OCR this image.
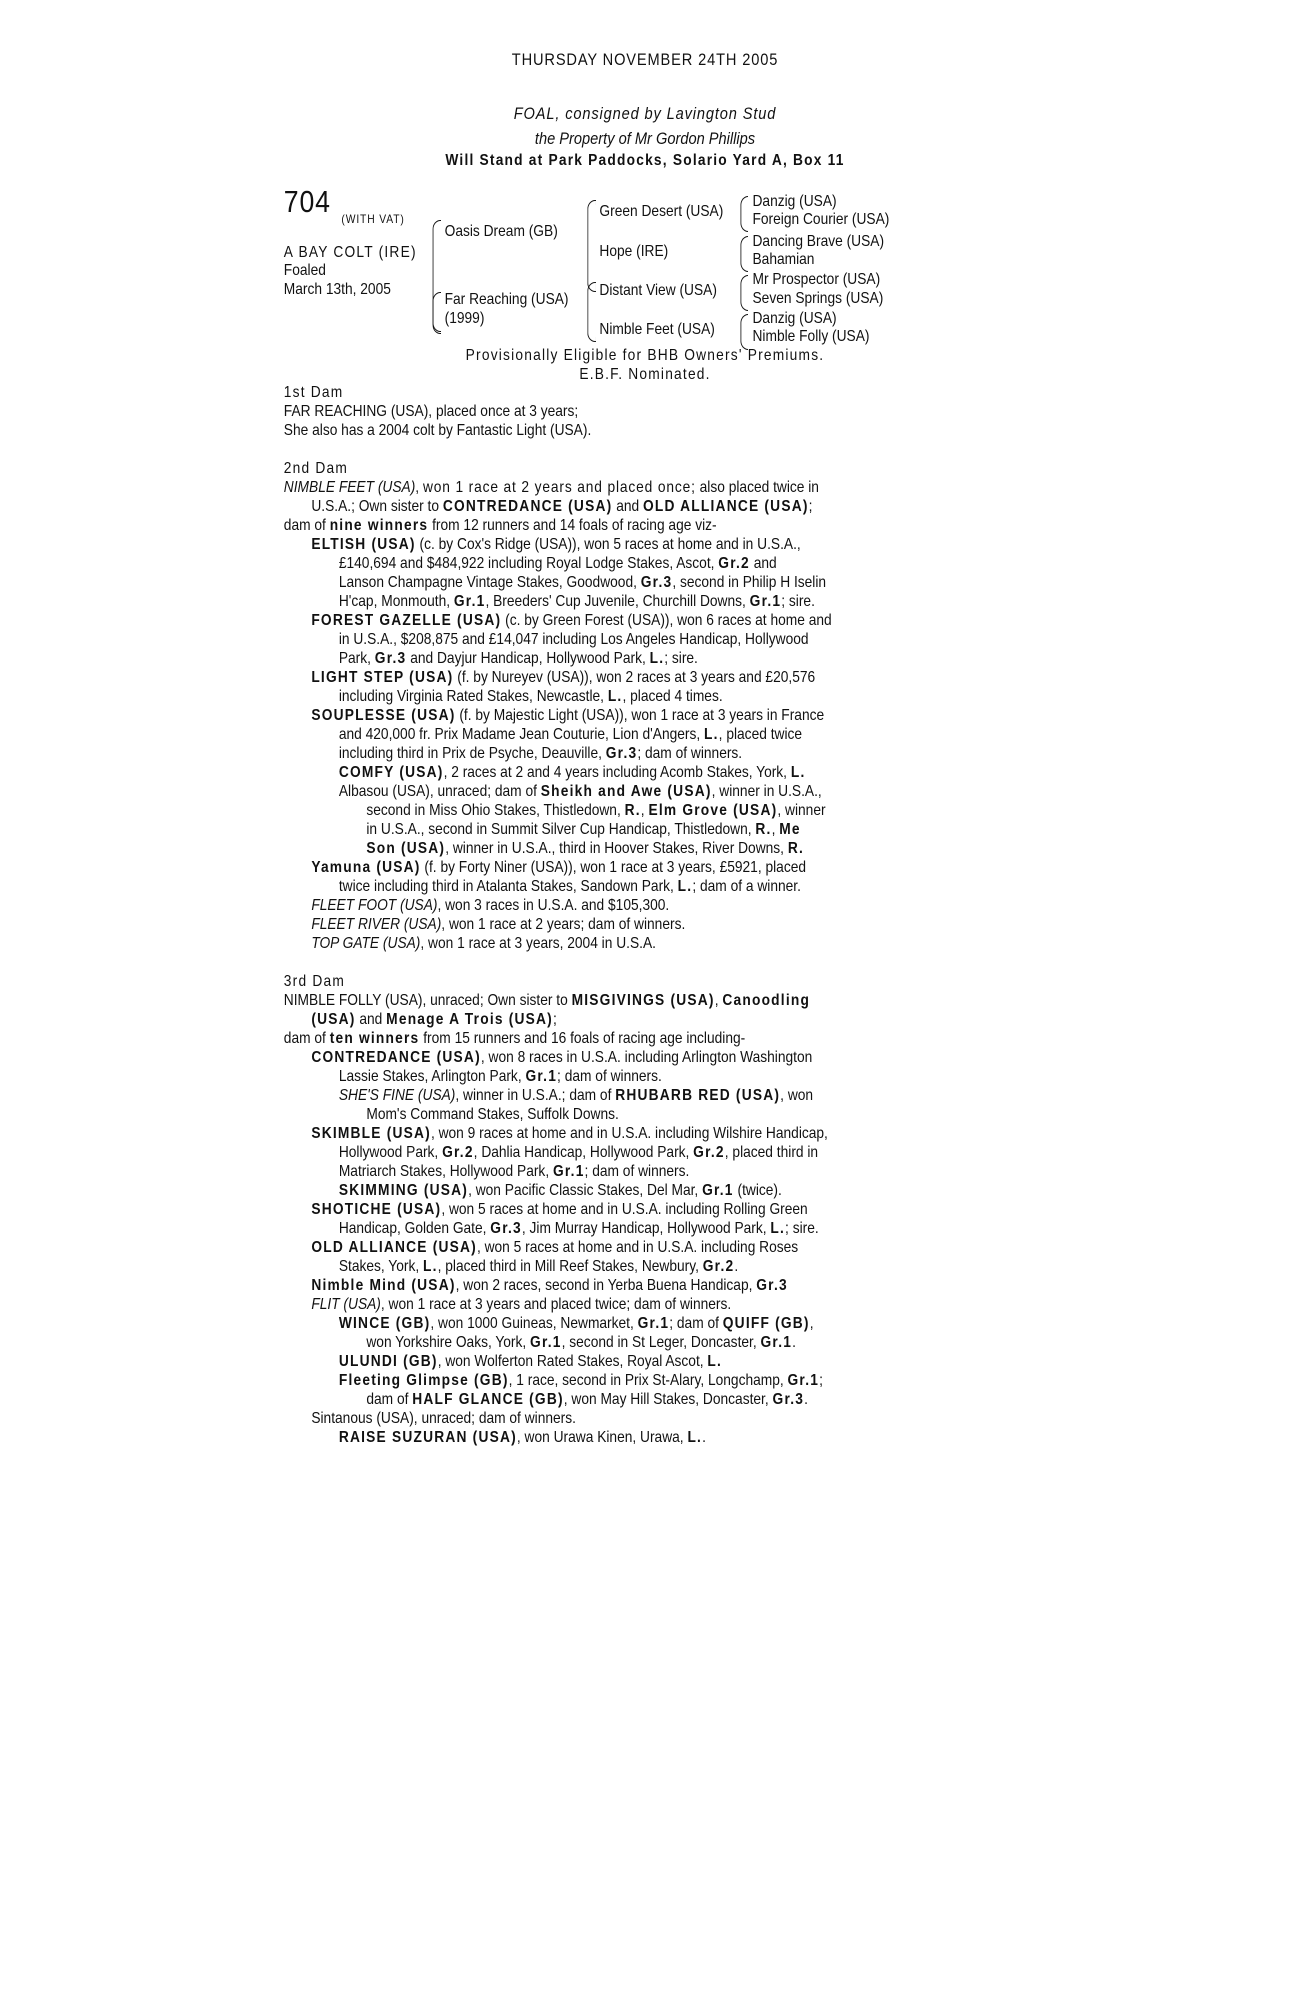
THURSDAY NOVEMBER 24TH 2005
FOAL, consigned by Lavington Stud
the Property of Mr Gordon Phillips
Will Stand at Park Paddocks, Solario Yard A, Box 11
704 (WITH VAT)
A BAY COLT (IRE)
Foaled
March 13th, 2005
Oasis Dream (GB)
Far Reaching (USA)
(1999)
Green Desert (USA)
Hope (IRE)
Distant View (USA)
Nimble Feet (USA)
Danzig (USA)
Foreign Courier (USA)
Dancing Brave (USA)
Bahamian
Mr Prospector (USA)
Seven Springs (USA)
Danzig (USA)
Nimble Folly (USA)
Provisionally Eligible for BHB Owners' Premiums.
E.B.F. Nominated.
1st Dam
FAR REACHING (USA), placed once at 3 years;
She also has a 2004 colt by Fantastic Light (USA).
2nd Dam
NIMBLE FEET (USA), won 1 race at 2 years and placed once; also placed twice in
U.S.A.; Own sister to CONTREDANCE (USA) and OLD ALLIANCE (USA);
dam of nine winners from 12 runners and 14 foals of racing age viz-
ELTISH (USA) (c. by Cox's Ridge (USA)), won 5 races at home and in U.S.A.,
£140,694 and $484,922 including Royal Lodge Stakes, Ascot, Gr.2 and
Lanson Champagne Vintage Stakes, Goodwood, Gr.3, second in Philip H Iselin
H'cap, Monmouth, Gr.1, Breeders' Cup Juvenile, Churchill Downs, Gr.1; sire.
FOREST GAZELLE (USA) (c. by Green Forest (USA)), won 6 races at home and
in U.S.A., $208,875 and £14,047 including Los Angeles Handicap, Hollywood
Park, Gr.3 and Dayjur Handicap, Hollywood Park, L.; sire.
LIGHT STEP (USA) (f. by Nureyev (USA)), won 2 races at 3 years and £20,576
including Virginia Rated Stakes, Newcastle, L., placed 4 times.
SOUPLESSE (USA) (f. by Majestic Light (USA)), won 1 race at 3 years in France
and 420,000 fr. Prix Madame Jean Couturie, Lion d'Angers, L., placed twice
including third in Prix de Psyche, Deauville, Gr.3; dam of winners.
COMFY (USA), 2 races at 2 and 4 years including Acomb Stakes, York, L.
Albasou (USA), unraced; dam of Sheikh and Awe (USA), winner in U.S.A.,
second in Miss Ohio Stakes, Thistledown, R., Elm Grove (USA), winner
in U.S.A., second in Summit Silver Cup Handicap, Thistledown, R., Me
Son (USA), winner in U.S.A., third in Hoover Stakes, River Downs, R.
Yamuna (USA) (f. by Forty Niner (USA)), won 1 race at 3 years, £5921, placed
twice including third in Atalanta Stakes, Sandown Park, L.; dam of a winner.
FLEET FOOT (USA), won 3 races in U.S.A. and $105,300.
FLEET RIVER (USA), won 1 race at 2 years; dam of winners.
TOP GATE (USA), won 1 race at 3 years, 2004 in U.S.A.
3rd Dam
NIMBLE FOLLY (USA), unraced; Own sister to MISGIVINGS (USA), Canoodling
(USA) and Menage A Trois (USA);
dam of ten winners from 15 runners and 16 foals of racing age including-
CONTREDANCE (USA), won 8 races in U.S.A. including Arlington Washington
Lassie Stakes, Arlington Park, Gr.1; dam of winners.
SHE'S FINE (USA), winner in U.S.A.; dam of RHUBARB RED (USA), won
Mom's Command Stakes, Suffolk Downs.
SKIMBLE (USA), won 9 races at home and in U.S.A. including Wilshire Handicap,
Hollywood Park, Gr.2, Dahlia Handicap, Hollywood Park, Gr.2, placed third in
Matriarch Stakes, Hollywood Park, Gr.1; dam of winners.
SKIMMING (USA), won Pacific Classic Stakes, Del Mar, Gr.1 (twice).
SHOTICHE (USA), won 5 races at home and in U.S.A. including Rolling Green
Handicap, Golden Gate, Gr.3, Jim Murray Handicap, Hollywood Park, L.; sire.
OLD ALLIANCE (USA), won 5 races at home and in U.S.A. including Roses
Stakes, York, L., placed third in Mill Reef Stakes, Newbury, Gr.2.
Nimble Mind (USA), won 2 races, second in Yerba Buena Handicap, Gr.3
FLIT (USA), won 1 race at 3 years and placed twice; dam of winners.
WINCE (GB), won 1000 Guineas, Newmarket, Gr.1; dam of QUIFF (GB),
won Yorkshire Oaks, York, Gr.1, second in St Leger, Doncaster, Gr.1.
ULUNDI (GB), won Wolferton Rated Stakes, Royal Ascot, L.
Fleeting Glimpse (GB), 1 race, second in Prix St-Alary, Longchamp, Gr.1;
dam of HALF GLANCE (GB), won May Hill Stakes, Doncaster, Gr.3.
Sintanous (USA), unraced; dam of winners.
RAISE SUZURAN (USA), won Urawa Kinen, Urawa, L..
